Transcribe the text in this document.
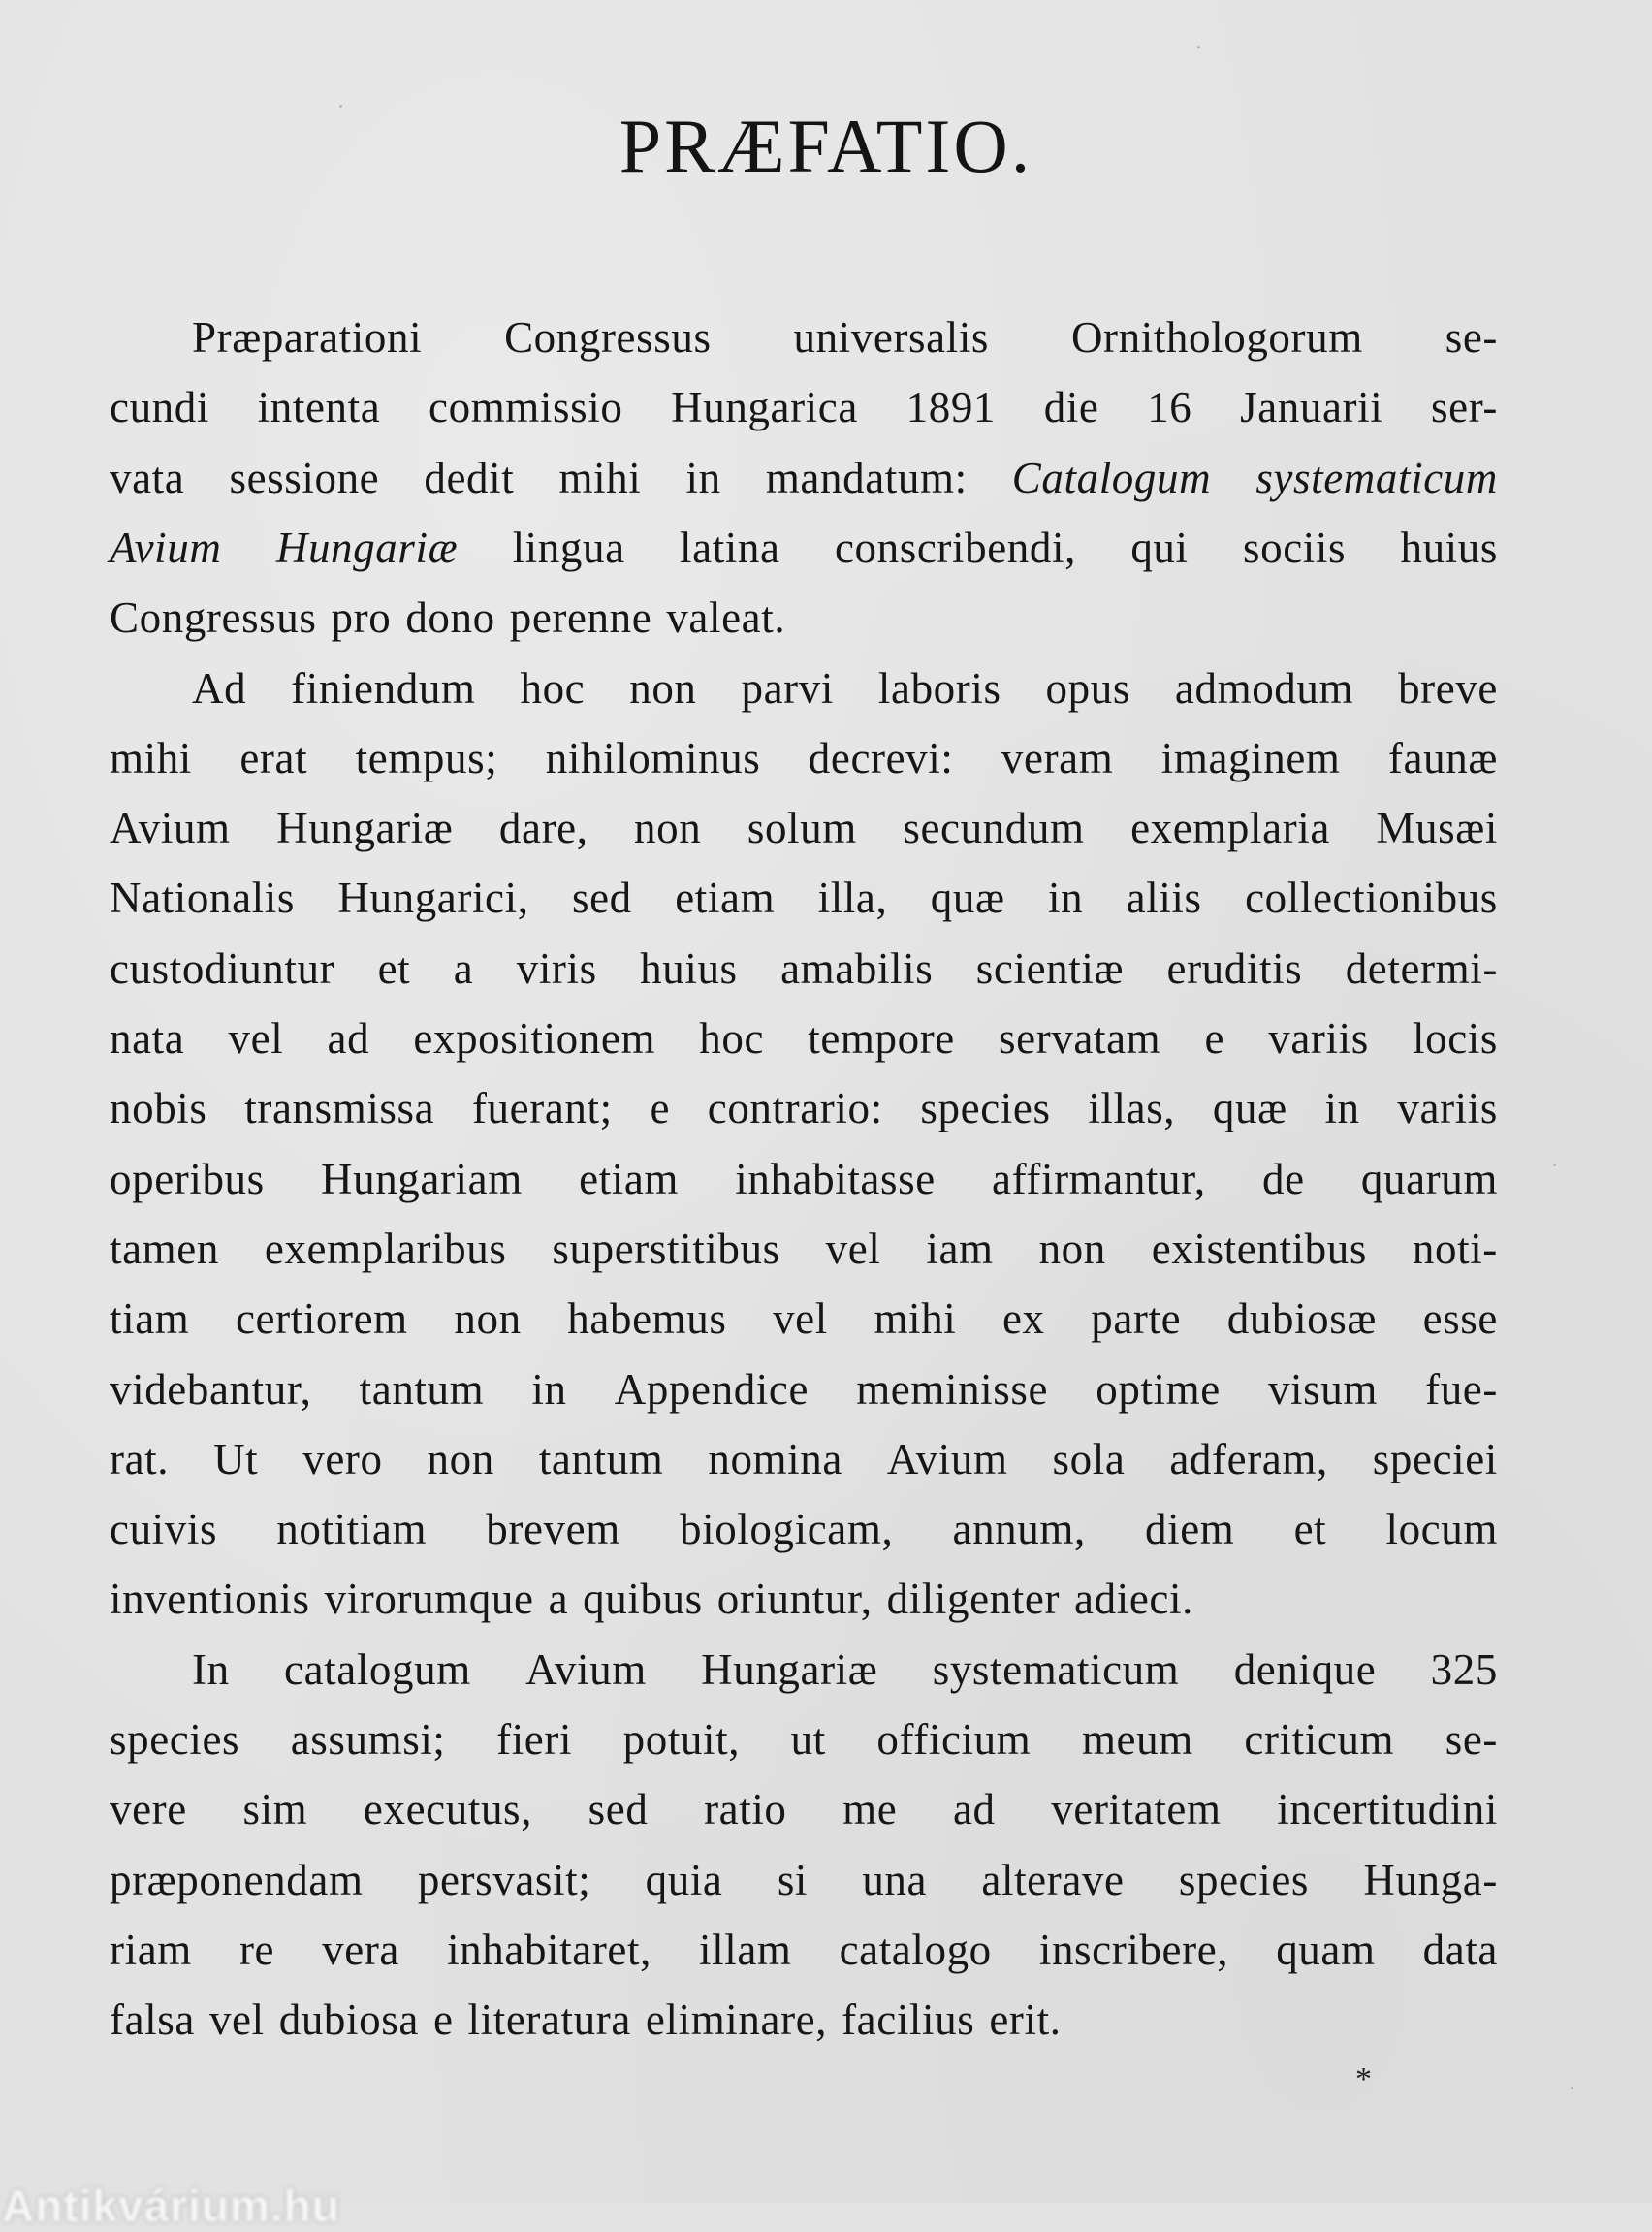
PRÆFATIO.
Præparationi Congressus universalis Ornithologorum se-
cundi intenta commissio Hungarica 1891 die 16 Januarii ser-
vata sessione dedit mihi in mandatum: Catalogum systematicum
Avium Hungariæ lingua latina conscribendi, qui sociis huius
Congressus pro dono perenne valeat.
Ad finiendum hoc non parvi laboris opus admodum breve
mihi erat tempus; nihilominus decrevi: veram imaginem faunæ
Avium Hungariæ dare, non solum secundum exemplaria Musæi
Nationalis Hungarici, sed etiam illa, quæ in aliis collectionibus
custodiuntur et a viris huius amabilis scientiæ eruditis determi-
nata vel ad expositionem hoc tempore servatam e variis locis
nobis transmissa fuerant; e contrario: species illas, quæ in variis
operibus Hungariam etiam inhabitasse affirmantur, de quarum
tamen exemplaribus superstitibus vel iam non existentibus noti-
tiam certiorem non habemus vel mihi ex parte dubiosæ esse
videbantur, tantum in Appendice meminisse optime visum fue-
rat. Ut vero non tantum nomina Avium sola adferam, speciei
cuivis notitiam brevem biologicam, annum, diem et locum
inventionis virorumque a quibus oriuntur, diligenter adieci.
In catalogum Avium Hungariæ systematicum denique 325
species assumsi; fieri potuit, ut officium meum criticum se-
vere sim executus, sed ratio me ad veritatem incertitudini
præponendam persvasit; quia si una alterave species Hunga-
riam re vera inhabitaret, illam catalogo inscribere, quam data
falsa vel dubiosa e literatura eliminare, facilius erit.
*
Antikvárium.hu
